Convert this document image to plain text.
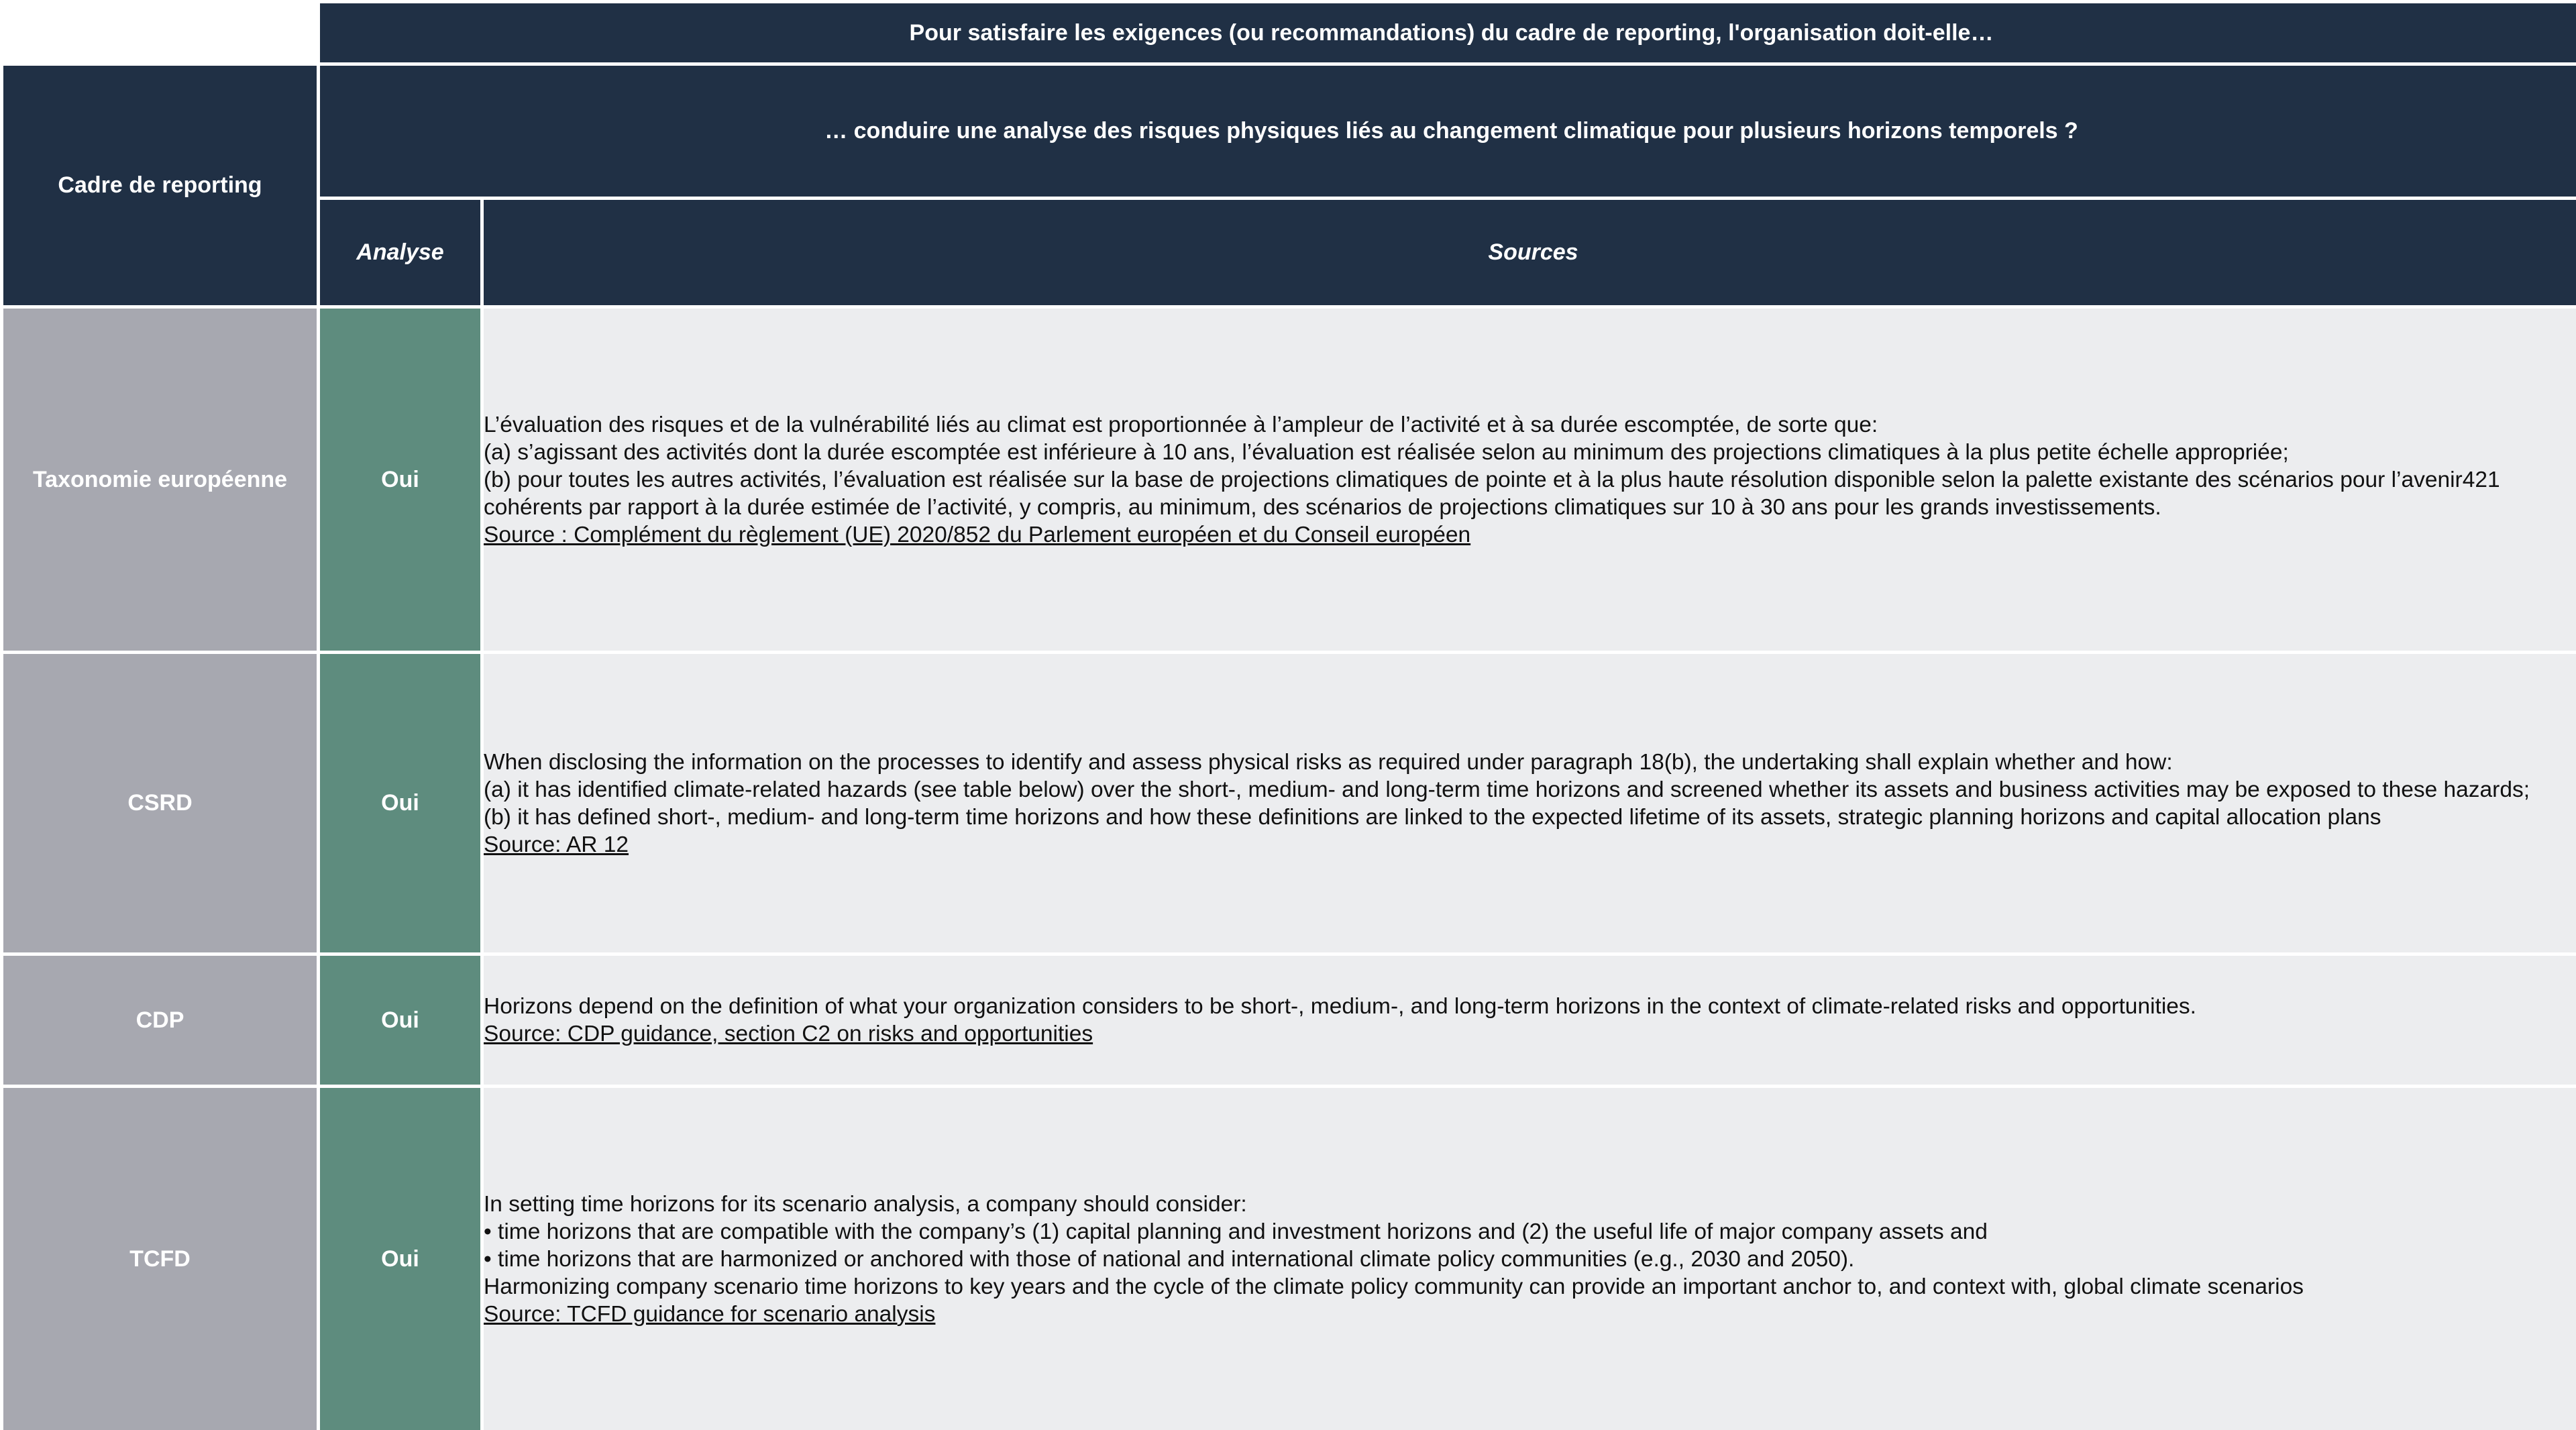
Pour satisfaire les exigences (ou recommandations) du cadre de reporting, l'organisation doit-elle…
Cadre de reporting
… conduire une analyse des risques physiques liés au changement climatique pour plusieurs horizons temporels ?
Analyse	Sources
Taxonomie européenne	Oui
L’évaluation des risques et de la vulnérabilité liés au climat est proportionnée à l’ampleur de l’activité et à sa durée escomptée, de sorte que:
(a) s’agissant des activités dont la durée escomptée est inférieure à 10 ans, l’évaluation est réalisée selon au minimum des projections climatiques à la plus petite échelle appropriée;
(b) pour toutes les autres activités, l’évaluation est réalisée sur la base de projections climatiques de pointe et à la plus haute résolution disponible selon la palette existante des scénarios pour l’avenir421 cohérents par rapport à la durée estimée de l’activité, y compris, au minimum, des scénarios de projections climatiques sur 10 à 30 ans pour les grands investissements.
Source : Complément du règlement (UE) 2020/852 du Parlement européen et du Conseil européen
CSRD	Oui
When disclosing the information on the processes to identify and assess physical risks as required under paragraph 18(b), the undertaking shall explain whether and how:
(a) it has identified climate-related hazards (see table below) over the short-, medium- and long-term time horizons and screened whether its assets and business activities may be exposed to these hazards;
(b) it has defined short-, medium- and long-term time horizons and how these definitions are linked to the expected lifetime of its assets, strategic planning horizons and capital allocation plans
Source: AR 12
CDP	Oui
Horizons depend on the definition of what your organization considers to be short-, medium-, and long-term horizons in the context of climate-related risks and opportunities.
Source: CDP guidance, section C2 on risks and opportunities
TCFD	Oui
In setting time horizons for its scenario analysis, a company should consider:
• time horizons that are compatible with the company’s (1) capital planning and investment horizons and (2) the useful life of major company assets and
• time horizons that are harmonized or anchored with those of national and international climate policy communities (e.g., 2030 and 2050).
Harmonizing company scenario time horizons to key years and the cycle of the climate policy community can provide an important anchor to, and context with, global climate scenarios
Source: TCFD guidance for scenario analysis
